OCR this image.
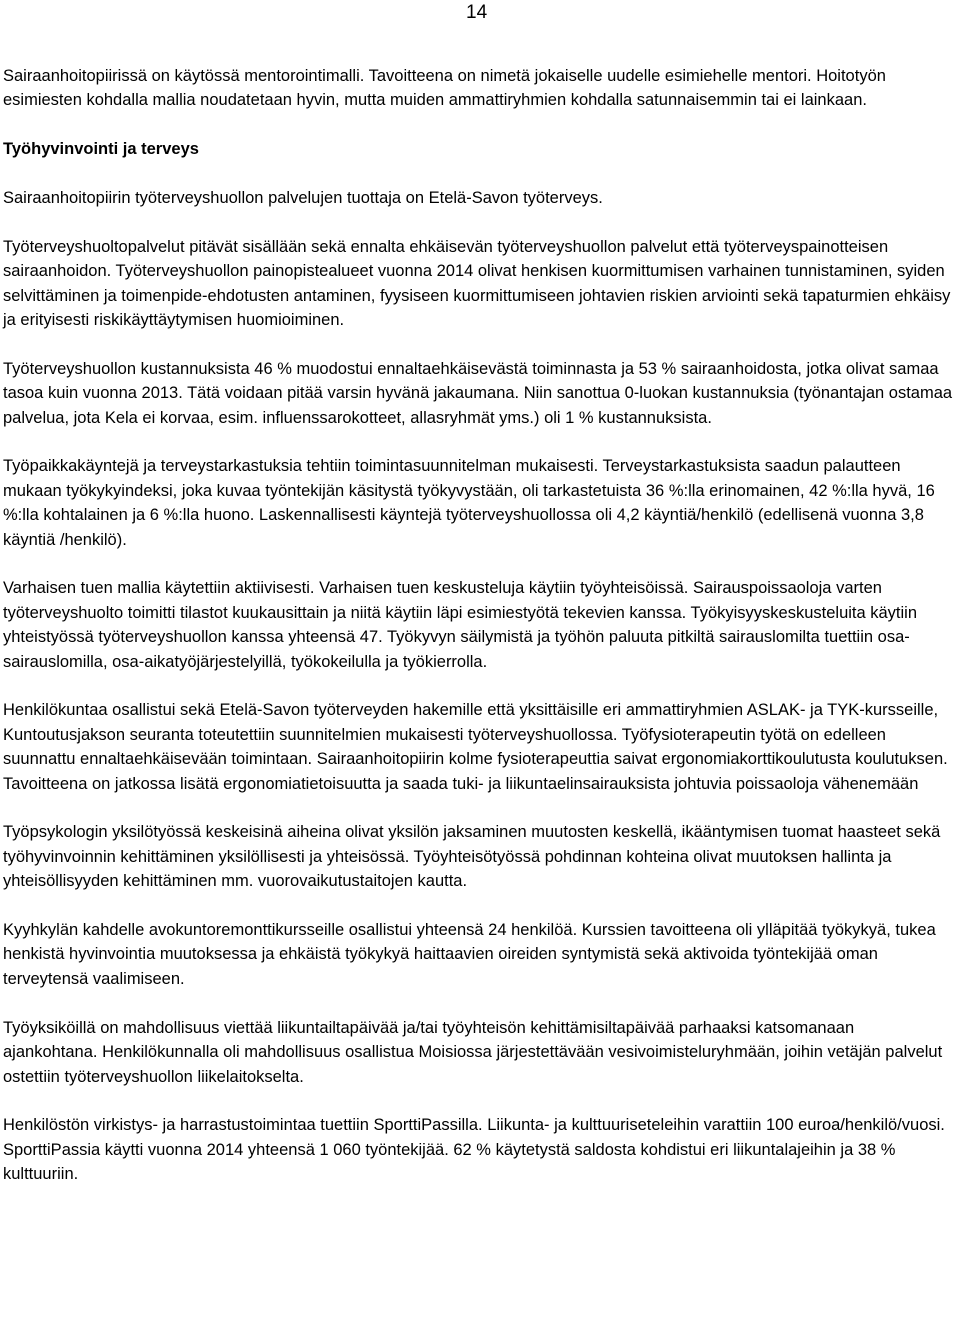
14

Sairaanhoitopiirissä on käytössä mentorointimalli. Tavoitteena on nimetä jokaiselle uudelle esimiehelle mentori. Hoitotyön esimiesten kohdalla mallia noudatetaan hyvin, mutta muiden ammattiryhmien kohdalla satunnaisemmin tai ei lainkaan.

Työhyvinvointi ja terveys

Sairaanhoitopiirin työterveyshuollon palvelujen tuottaja on Etelä-Savon työterveys.

Työterveyshuoltopalvelut pitävät sisällään sekä ennalta ehkäisevän työterveyshuollon palvelut että työterveyspainotteisen sairaanhoidon. Työterveyshuollon painopistealueet vuonna 2014 olivat henkisen kuormittumisen varhainen tunnistaminen, syiden selvittäminen ja toimenpide-ehdotusten antaminen, fyysiseen kuormittumiseen johtavien riskien arviointi sekä tapaturmien ehkäisy ja erityisesti riskikäyttäytymisen huomioiminen.

Työterveyshuollon kustannuksista 46 % muodostui ennaltaehkäisevästä toiminnasta ja 53 % sairaanhoidosta, jotka olivat samaa tasoa kuin vuonna 2013. Tätä voidaan pitää varsin hyvänä jakaumana. Niin sanottua 0-luokan kustannuksia (työnantajan ostamaa palvelua, jota Kela ei korvaa, esim. influenssarokotteet, allasryhmät yms.) oli 1 % kustannuksista.

Työpaikkakäyntejä ja terveystarkastuksia tehtiin toimintasuunnitelman mukaisesti. Terveystarkastuksista saadun palautteen mukaan työkykyindeksi, joka kuvaa työntekijän käsitystä työkyvystään, oli tarkastetuista 36 %:lla erinomainen, 42 %:lla hyvä, 16 %:lla kohtalainen ja 6 %:lla huono. Laskennallisesti käyntejä työterveyshuollossa oli 4,2 käyntiä/henkilö (edellisenä vuonna 3,8 käyntiä /henkilö).

Varhaisen tuen mallia käytettiin aktiivisesti. Varhaisen tuen keskusteluja käytiin työyhteisöissä. Sairauspoissaoloja varten työterveyshuolto toimitti tilastot kuukausittain ja niitä käytiin läpi esimiestyötä tekevien kanssa. Työkyisyyskeskusteluita käytiin yhteistyössä työterveyshuollon kanssa yhteensä 47. Työkyvyn säilymistä ja työhön paluuta pitkiltä sairauslomilta tuettiin osa-sairauslomilla, osa-aikatyöjärjestelyillä, työkokeilulla ja työkierrolla.

Henkilökuntaa osallistui sekä Etelä-Savon työterveyden hakemille että yksittäisille eri ammattiryhmien ASLAK- ja TYK-kursseille, Kuntoutusjakson seuranta toteutettiin suunnitelmien mukaisesti työterveyshuollossa. Työfysioterapeutin työtä on edelleen suunnattu ennaltaehkäisevään toimintaan. Sairaanhoitopiirin kolme fysioterapeuttia saivat ergonomiakorttikoulutusta koulutuksen. Tavoitteena on jatkossa lisätä ergonomiatietoisuutta ja saada tuki- ja liikuntaelinsairauksista johtuvia poissaoloja vähenemään

Työpsykologin yksilötyössä keskeisinä aiheina olivat yksilön jaksaminen muutosten keskellä, ikääntymisen tuomat haasteet sekä työhyvinvoinnin kehittäminen yksilöllisesti ja yhteisössä. Työyhteisötyössä pohdinnan kohteina olivat muutoksen hallinta ja yhteisöllisyyden kehittäminen mm. vuorovaikutustaitojen kautta.

Kyyhkylän kahdelle avokuntoremonttikursseille osallistui yhteensä 24 henkilöä. Kurssien tavoitteena oli ylläpitää työkykyä, tukea henkistä hyvinvointia muutoksessa ja ehkäistä työkykyä haittaavien oireiden syntymistä sekä aktivoida työntekijää oman terveytensä vaalimiseen.

Työyksiköillä on mahdollisuus viettää liikuntailtapäivää ja/tai työyhteisön kehittämisiltapäivää parhaaksi katsomanaan ajankohtana. Henkilökunnalla oli mahdollisuus osallistua Moisiossa järjestettävään vesivoimisteluryhmään, joihin vetäjän palvelut ostettiin työterveyshuollon liikelaitokselta.

Henkilöstön virkistys- ja harrastustoimintaa tuettiin SporttiPassilla. Liikunta- ja kulttuuriseteleihin varattiin 100 euroa/henkilö/vuosi. SporttiPassia käytti vuonna 2014 yhteensä 1 060 työntekijää. 62 % käytetystä saldosta kohdistui eri liikuntalajeihin ja 38 % kulttuuriin.
